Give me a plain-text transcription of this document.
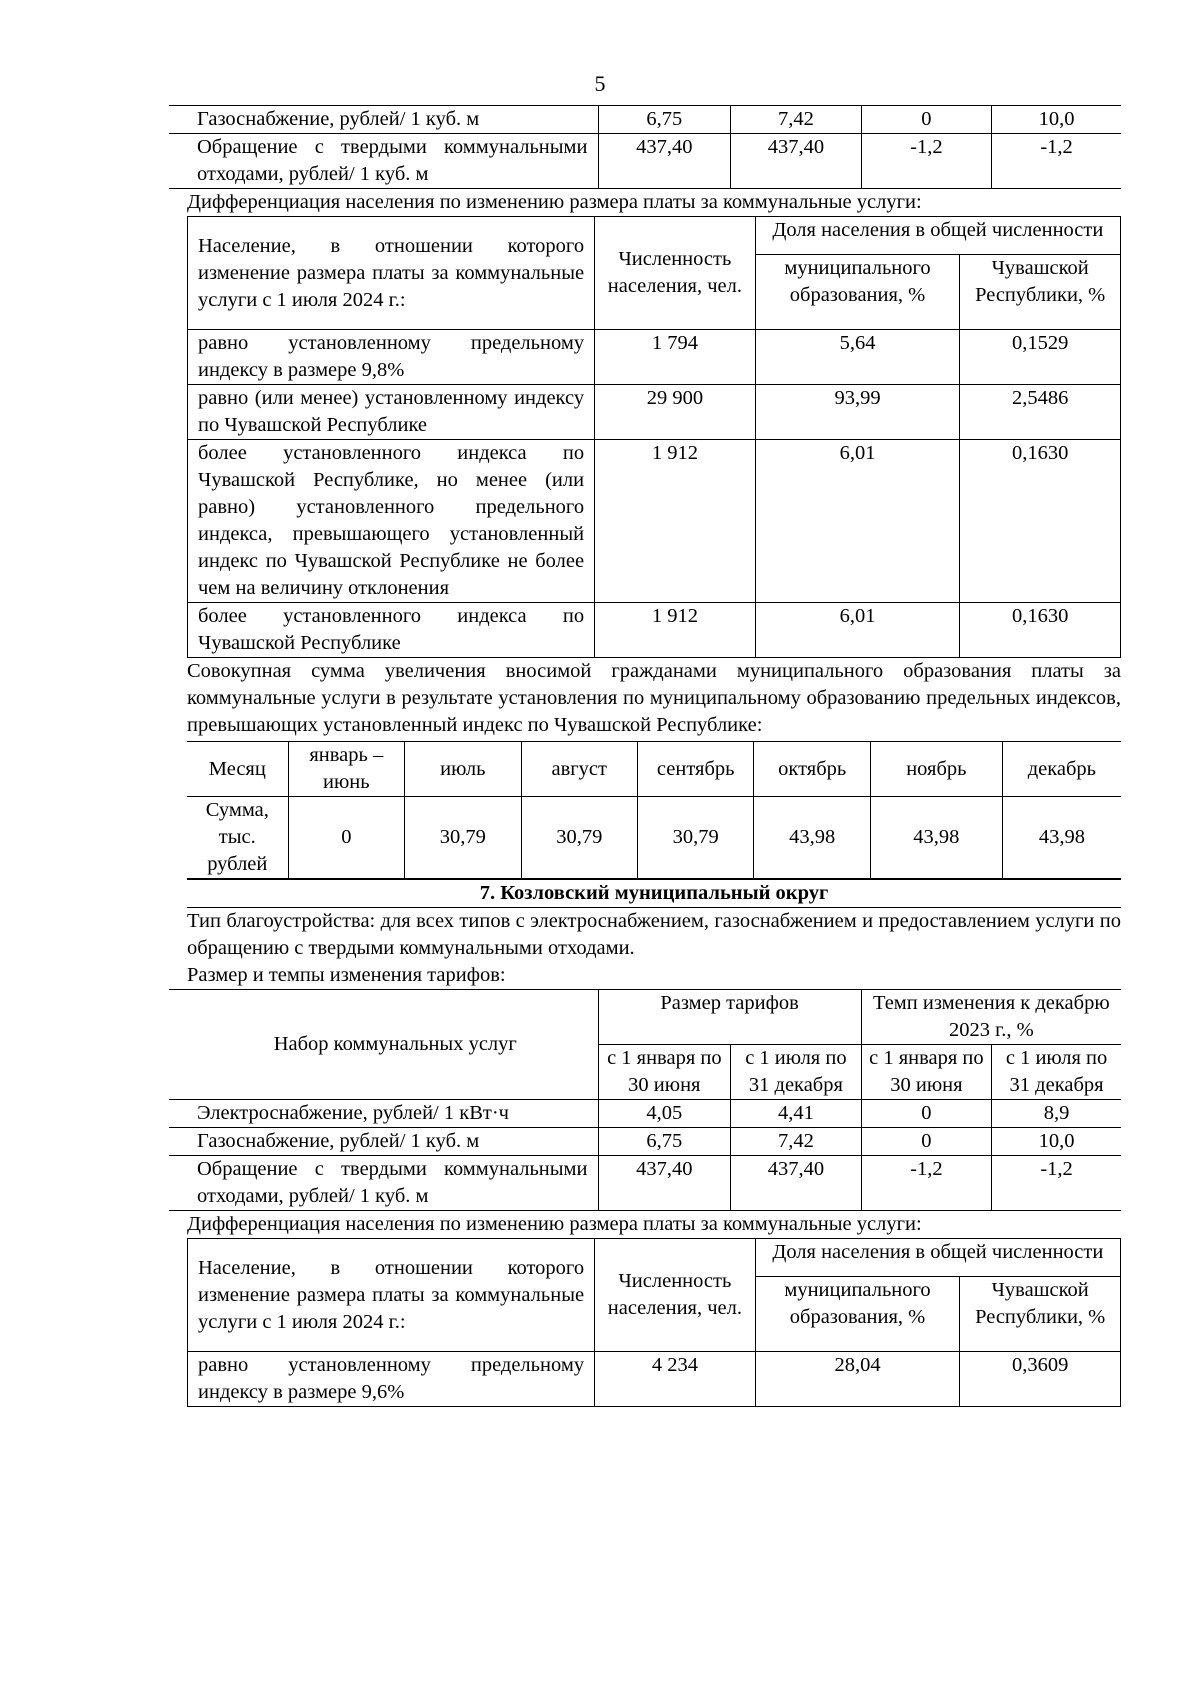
5
Газоснабжение, рублей/ 1 куб. м	6,75	7,42	0	10,0
Обращение с твердыми коммунальными отходами, рублей/ 1 куб. м	437,40	437,40	-1,2	-1,2
Дифференциация населения по изменению размера платы за коммунальные услуги:
Население, в отношении которого изменение размера платы за коммунальные услуги с 1 июля 2024 г.:	Численность населения, чел.	Доля населения в общей численности	
		муниципального образования, %	Чувашской Республики, %
равно установленному предельному индексу в размере 9,8%	1 794	5,64	0,1529
равно (или менее) установленному индексу по Чувашской Республике	29 900	93,99	2,5486
более установленного индекса по Чувашской Республике, но менее (или равно) установленного предельного индекса, превышающего установленный индекс по Чувашской Республике не более чем на величину отклонения	1 912	6,01	0,1630
более установленного индекса по Чувашской Республике	1 912	6,01	0,1630
Совокупная сумма увеличения вносимой гражданами муниципального образования платы за коммунальные услуги в результате установления по муниципальному образованию предельных индексов, превышающих установленный индекс по Чувашской Республике:
Месяц	январь – июнь	июль	август	сентябрь	октябрь	ноябрь	декабрь
Сумма, тыс. рублей	0	30,79	30,79	30,79	43,98	43,98	43,98
7. Козловский муниципальный округ
Тип благоустройства: для всех типов с электроснабжением, газоснабжением и предоставлением услуги по обращению с твердыми коммунальными отходами.
Размер и темпы изменения тарифов:
Набор коммунальных услуг	Размер тарифов		Темп изменения к декабрю 2023 г., %	
	с 1 января по 30 июня	с 1 июля по 31 декабря	с 1 января по 30 июня	с 1 июля по 31 декабря
Электроснабжение, рублей/ 1 кВт·ч	4,05	4,41	0	8,9
Газоснабжение, рублей/ 1 куб. м	6,75	7,42	0	10,0
Обращение с твердыми коммунальными отходами, рублей/ 1 куб. м	437,40	437,40	-1,2	-1,2
Дифференциация населения по изменению размера платы за коммунальные услуги:
Население, в отношении которого изменение размера платы за коммунальные услуги с 1 июля 2024 г.:	Численность населения, чел.	Доля населения в общей численности	
		муниципального образования, %	Чувашской Республики, %
равно установленному предельному индексу в размере 9,6%	4 234	28,04	0,3609
